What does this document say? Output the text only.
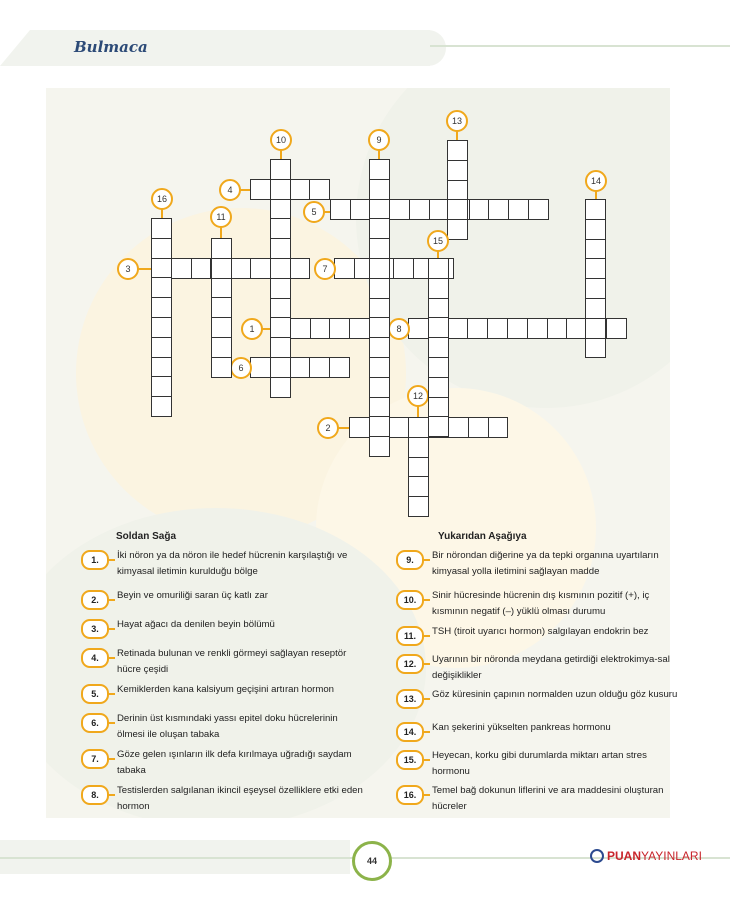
Bulmaca
1
2
3
4
5
6
7
8
9
10
11
12
13
14
15
16
Soldan Sağa	Yukarıdan Aşağıya
1.	İki nöron ya da nöron ile hedef hücrenin karşılaştığı ve kimyasal iletimin kurulduğu bölge
2.	Beyin ve omuriliği saran üç katlı zar
3.	Hayat ağacı da denilen beyin bölümü
4.	Retinada bulunan ve renkli görmeyi sağlayan reseptör hücre çeşidi
5.	Kemiklerden kana kalsiyum geçişini artıran hormon
6.	Derinin üst kısmındaki yassı epitel doku hücrelerinin ölmesi ile oluşan tabaka
7.	Göze gelen ışınların ilk defa kırılmaya uğradığı saydam tabaka
8.	Testislerden salgılanan ikincil eşeysel özelliklere etki eden hormon
9.	Bir nörondan diğerine ya da tepki organına uyartıların kimyasal yolla iletimini sağlayan madde
10.	Sinir hücresinde hücrenin dış kısmının pozitif (+), iç kısmının negatif (–) yüklü olması durumu
11.	TSH (tiroit uyarıcı hormon) salgılayan endokrin bez
12.	Uyarının bir nöronda meydana getirdiği elektrokimya-sal değişiklikler
13.	Göz küresinin çapının normalden uzun olduğu göz kusuru
14.	Kan şekerini yükselten pankreas hormonu
15.	Heyecan, korku gibi durumlarda miktarı artan stres hormonu
16.	Temel bağ dokunun liflerini ve ara maddesini oluşturan hücreler
44	PUANYAYINLARI
